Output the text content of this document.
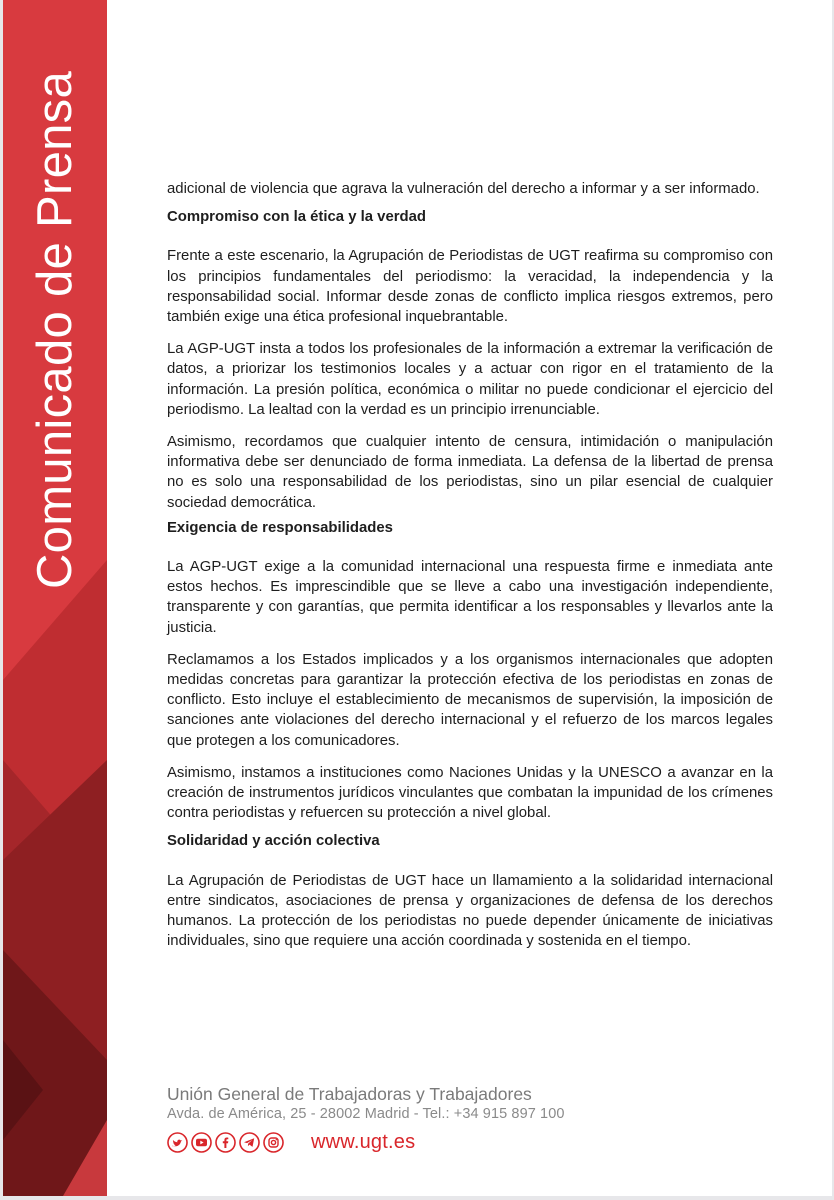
Comunicado de Prensa	adicional de violencia que agrava la vulneración del derecho a informar y a ser informado.

Compromiso con la ética y la verdad

Frente a este escenario, la Agrupación de Periodistas de UGT reafirma su compromiso con los principios fundamentales del periodismo: la veracidad, la independencia y la responsabilidad social. Informar desde zonas de conflicto implica riesgos extremos, pero también exige una ética profesional inquebrantable.

La AGP-UGT insta a todos los profesionales de la información a extremar la verificación de datos, a priorizar los testimonios locales y a actuar con rigor en el tratamiento de la información. La presión política, económica o militar no puede condicionar el ejercicio del periodismo. La lealtad con la verdad es un principio irrenunciable.

Asimismo, recordamos que cualquier intento de censura, intimidación o manipulación informativa debe ser denunciado de forma inmediata. La defensa de la libertad de prensa no es solo una responsabilidad de los periodistas, sino un pilar esencial de cualquier sociedad democrática.

Exigencia de responsabilidades

La AGP-UGT exige a la comunidad internacional una respuesta firme e inmediata ante estos hechos. Es imprescindible que se lleve a cabo una investigación independiente, transparente y con garantías, que permita identificar a los responsables y llevarlos ante la justicia.

Reclamamos a los Estados implicados y a los organismos internacionales que adopten medidas concretas para garantizar la protección efectiva de los periodistas en zonas de conflicto. Esto incluye el establecimiento de mecanismos de supervisión, la imposición de sanciones ante violaciones del derecho internacional y el refuerzo de los marcos legales que protegen a los comunicadores.

Asimismo, instamos a instituciones como Naciones Unidas y la UNESCO a avanzar en la creación de instrumentos jurídicos vinculantes que combatan la impunidad de los crímenes contra periodistas y refuercen su protección a nivel global.

Solidaridad y acción colectiva

La Agrupación de Periodistas de UGT hace un llamamiento a la solidaridad internacional entre sindicatos, asociaciones de prensa y organizaciones de defensa de los derechos humanos. La protección de los periodistas no puede depender únicamente de iniciativas individuales, sino que requiere una acción coordinada y sostenida en el tiempo.

Unión General de Trabajadoras y Trabajadores
Avda. de América, 25 - 28002 Madrid - Tel.: +34 915 897 100
www.ugt.es
